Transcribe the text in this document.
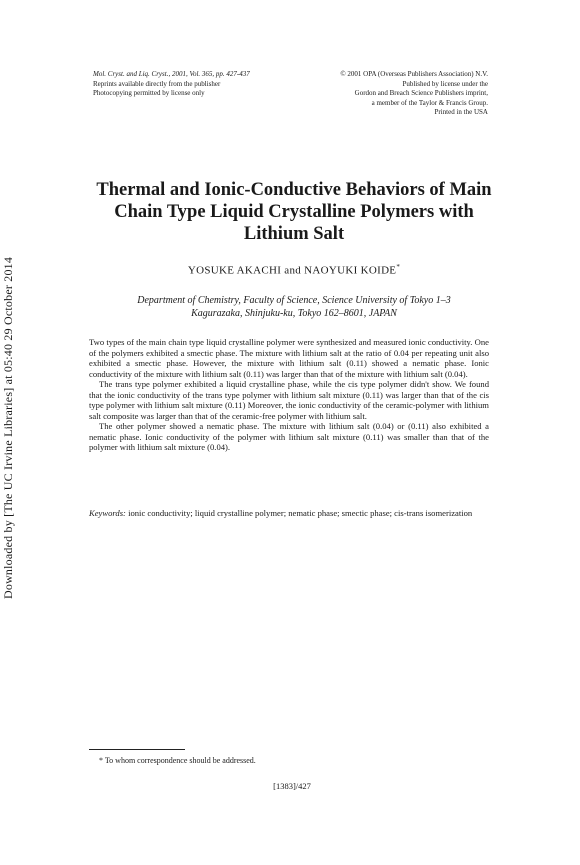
Downloaded by [The UC Irvine Libraries] at 05:40 29 October 2014
Mol. Cryst. and Liq. Cryst., 2001, Vol. 365, pp. 427-437
Reprints available directly from the publisher
Photocopying permitted by license only
© 2001 OPA (Overseas Publishers Association) N.V.
Published by license under the
Gordon and Breach Science Publishers imprint,
a member of the Taylor & Francis Group.
Printed in the USA
Thermal and Ionic-Conductive Behaviors of Main Chain Type Liquid Crystalline Polymers with Lithium Salt
YOSUKE AKACHI and NAOYUKI KOIDE*
Department of Chemistry, Faculty of Science, Science University of Tokyo 1–3
Kagurazaka, Shinjuku-ku, Tokyo 162–8601, JAPAN

Two types of the main chain type liquid crystalline polymer were synthesized and measured ionic conductivity. One of the polymers exhibited a smectic phase. The mixture with lithium salt at the ratio of 0.04 per repeating unit also exhibited a smectic phase. However, the mixture with lithium salt (0.11) showed a nematic phase. Ionic conductivity of the mixture with lithium salt (0.11) was larger than that of the mixture with lithium salt (0.04).

The trans type polymer exhibited a liquid crystalline phase, while the cis type polymer didn't show. We found that the ionic conductivity of the trans type polymer with lithium salt mixture (0.11) was larger than that of the cis type polymer with lithium salt mixture (0.11) Moreover, the ionic conductivity of the ceramic-polymer with lithium salt composite was larger than that of the ceramic-free polymer with lithium salt.

The other polymer showed a nematic phase. The mixture with lithium salt (0.04) or (0.11) also exhibited a nematic phase. Ionic conductivity of the polymer with lithium salt mixture (0.11) was smaller than that of the polymer with lithium salt mixture (0.04).

Keywords: ionic conductivity; liquid crystalline polymer; nematic phase; smectic phase; cis-trans isomerization
* To whom correspondence should be addressed.
[1383]/427
